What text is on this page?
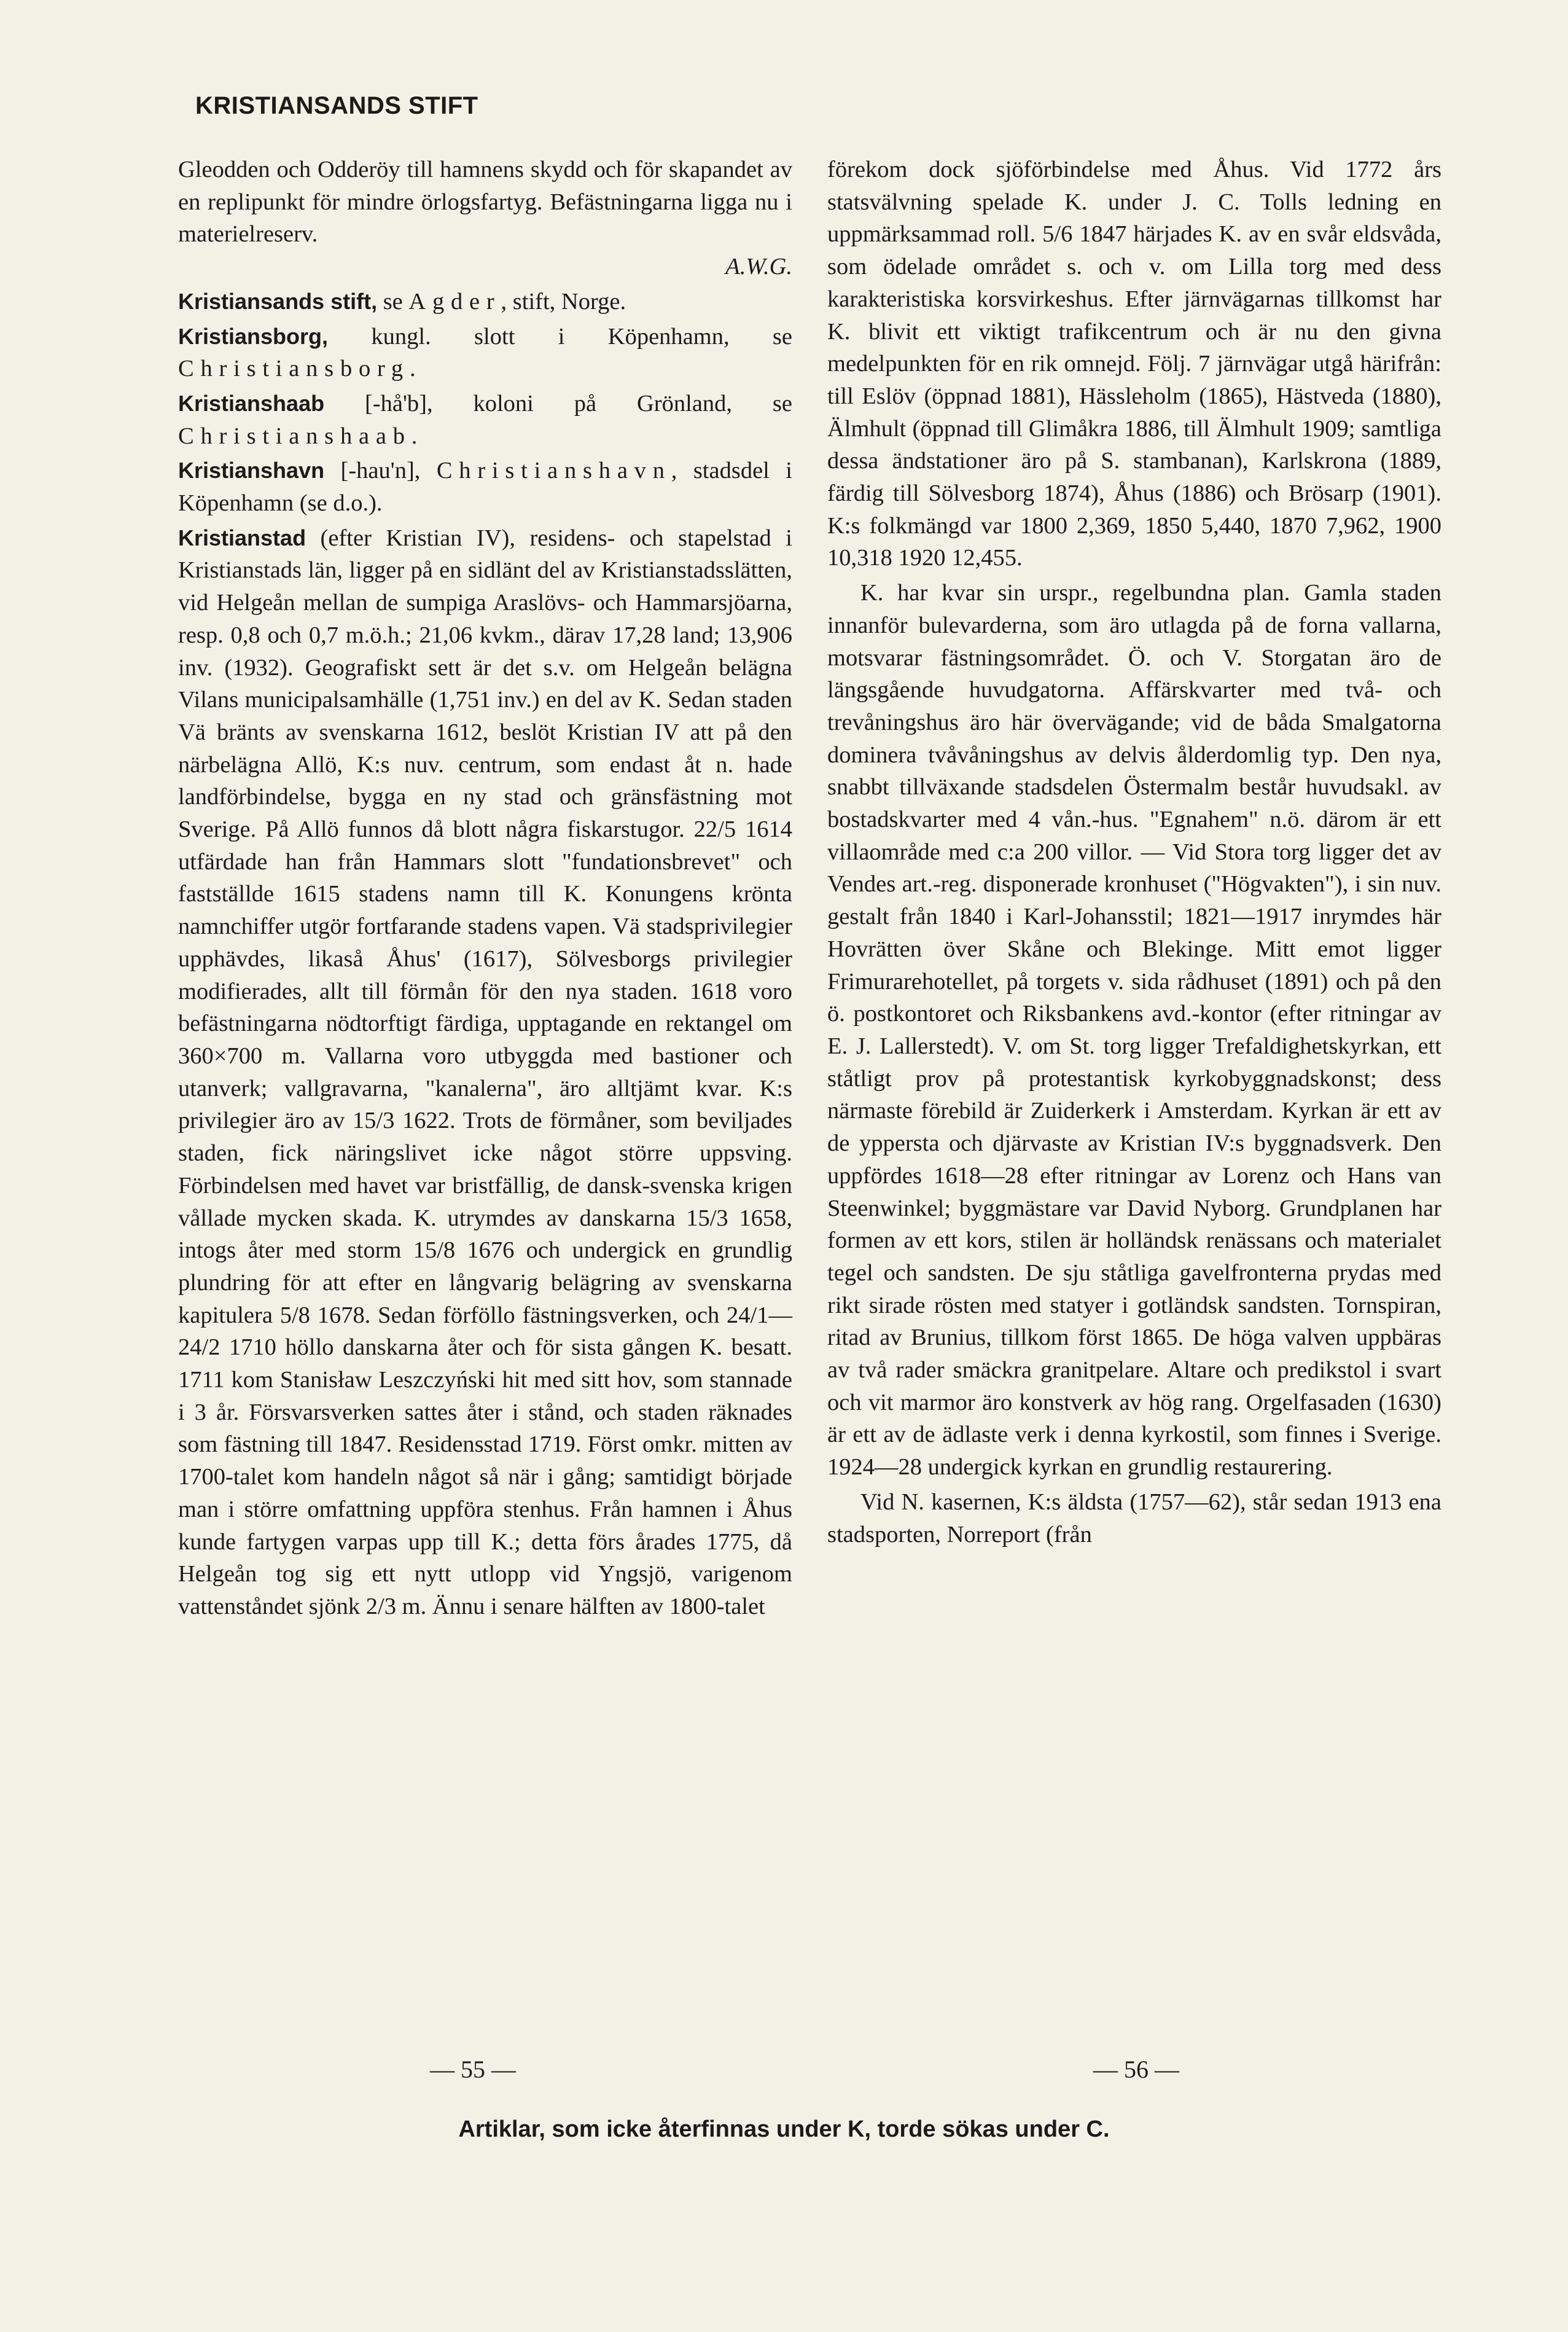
KRISTIANSANDS STIFT

Gleodden och Odderöy till hamnens skydd och för skapandet av en replipunkt för mindre örlogsfartyg. Befästningarna ligga nu i materielreserv.
A.W.G.

Kristiansands stift, se Agder, stift, Norge.

Kristiansborg, kungl. slott i Köpenhamn, se Christiansborg.

Kristianshaab [-hå'b], koloni på Grönland, se Christianshaab.

Kristianshavn [-hau'n], Christianshavn, stadsdel i Köpenhamn (se d.o.).

Kristianstad (efter Kristian IV), residens- och stapelstad i Kristianstads län, ligger på en sidlänt del av Kristianstadsslätten, vid Helgeån mellan de sumpiga Araslövs- och Hammarsjöarna, resp. 0,8 och 0,7 m.ö.h.; 21,06 kvkm., därav 17,28 land; 13,906 inv. (1932). Geografiskt sett är det s.v. om Helgeån belägna Vilans municipalsamhälle (1,751 inv.) en del av K. Sedan staden Vä bränts av svenskarna 1612, beslöt Kristian IV att på den närbelägna Allö, K:s nuv. centrum, som endast åt n. hade landförbindelse, bygga en ny stad och gränsfästning mot Sverige. På Allö funnos då blott några fiskarstugor. 22/5 1614 utfärdade han från Hammars slott "fundationsbrevet" och fastställde 1615 stadens namn till K. Konungens krönta namnchiffer utgör fortfarande stadens vapen. Vä stadsprivilegier upphävdes, likaså Åhus' (1617), Sölvesborgs privilegier modifierades, allt till förmån för den nya staden. 1618 voro befästningarna nödtorftigt färdiga, upptagande en rektangel om 360×700 m. Vallarna voro utbyggda med bastioner och utanverk; vallgravarna, "kanalerna", äro alltjämt kvar. K:s privilegier äro av 15/3 1622. Trots de förmåner, som beviljades staden, fick näringslivet icke något större uppsving. Förbindelsen med havet var bristfällig, de dansk-svenska krigen vållade mycken skada. K. utrymdes av danskarna 15/3 1658, intogs åter med storm 15/8 1676 och undergick en grundlig plundring för att efter en långvarig belägring av svenskarna kapitulera 5/8 1678. Sedan förföllo fästningsverken, och 24/1—24/2 1710 höllo danskarna åter och för sista gången K. besatt. 1711 kom Stanisław Leszczyński hit med sitt hov, som stannade i 3 år. Försvarsverken sattes åter i stånd, och staden räknades som fästning till 1847. Residensstad 1719. Först omkr. mitten av 1700-talet kom handeln något så när i gång; samtidigt började man i större omfattning uppföra stenhus. Från hamnen i Åhus kunde fartygen varpas upp till K.; detta förs årades 1775, då Helgeån tog sig ett nytt utlopp vid Yngsjö, varigenom vattenståndet sjönk 2/3 m. Ännu i senare hälften av 1800-talet

förekom dock sjöförbindelse med Åhus. Vid 1772 års statsvälvning spelade K. under J. C. Tolls ledning en uppmärksammad roll. 5/6 1847 härjades K. av en svår eldsvåda, som ödelade området s. och v. om Lilla torg med dess karakteristiska korsvirkeshus. Efter järnvägarnas tillkomst har K. blivit ett viktigt trafikcentrum och är nu den givna medelpunkten för en rik omnejd. Följ. 7 järnvägar utgå härifrån: till Eslöv (öppnad 1881), Hässleholm (1865), Hästveda (1880), Älmhult (öppnad till Glimåkra 1886, till Älmhult 1909; samtliga dessa ändstationer äro på S. stambanan), Karlskrona (1889, färdig till Sölvesborg 1874), Åhus (1886) och Brösarp (1901). K:s folkmängd var 1800 2,369, 1850 5,440, 1870 7,962, 1900 10,318 1920 12,455.

K. har kvar sin urspr., regelbundna plan. Gamla staden innanför bulevarderna, som äro utlagda på de forna vallarna, motsvarar fästningsområdet. Ö. och V. Storgatan äro de längsgående huvudgatorna. Affärskvarter med två- och trevåningshus äro här övervägande; vid de båda Smalgatorna dominera tvåvåningshus av delvis ålderdomlig typ. Den nya, snabbt tillväxande stadsdelen Östermalm består huvudsakl. av bostadskvarter med 4 vån.-hus. "Egnahem" n.ö. därom är ett villaområde med c:a 200 villor. — Vid Stora torg ligger det av Vendes art.-reg. disponerade kronhuset ("Högvakten"), i sin nuv. gestalt från 1840 i Karl-Johansstil; 1821—1917 inrymdes här Hovrätten över Skåne och Blekinge. Mitt emot ligger Frimurarehotellet, på torgets v. sida rådhuset (1891) och på den ö. postkontoret och Riksbankens avd.-kontor (efter ritningar av E. J. Lallerstedt). V. om St. torg ligger Trefaldighetskyrkan, ett ståtligt prov på protestantisk kyrkobyggnadskonst; dess närmaste förebild är Zuiderkerk i Amsterdam. Kyrkan är ett av de yppersta och djärvaste av Kristian IV:s byggnadsverk. Den uppfördes 1618—28 efter ritningar av Lorenz och Hans van Steenwinkel; byggmästare var David Nyborg. Grundplanen har formen av ett kors, stilen är holländsk renässans och materialet tegel och sandsten. De sju ståtliga gavelfronterna prydas med rikt sirade rösten med statyer i gotländsk sandsten. Tornspiran, ritad av Brunius, tillkom först 1865. De höga valven uppbäras av två rader smäckra granitpelare. Altare och predikstol i svart och vit marmor äro konstverk av hög rang. Orgelfasaden (1630) är ett av de ädlaste verk i denna kyrkostil, som finnes i Sverige. 1924—28 undergick kyrkan en grundlig restaurering.

Vid N. kasernen, K:s äldsta (1757—62), står sedan 1913 ena stadsporten, Norreport (från

— 55 —	— 56 —
Artiklar, som icke återfinnas under K, torde sökas under C.
